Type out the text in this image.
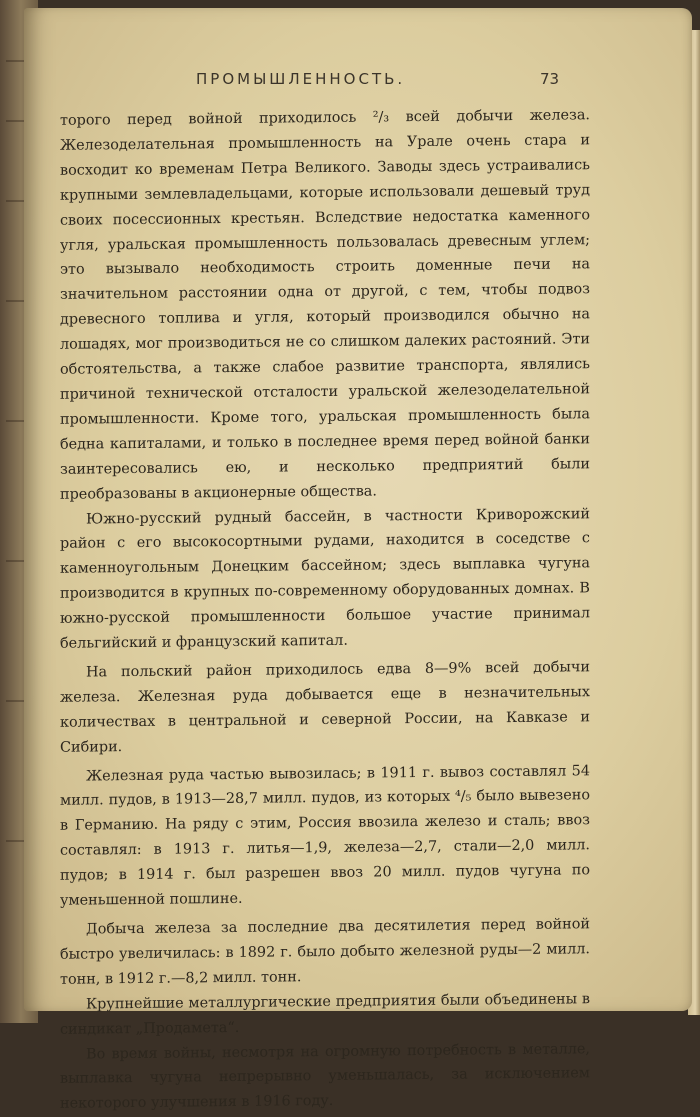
ПРОМЫШЛЕННОСТЬ.	73

торого перед войной приходилось ²/₃ всей добычи железа. Железоделательная промышленность на Урале очень стара и восходит ко временам Петра Великого. Заводы здесь устраивались крупными землевладельцами, которые использовали дешевый труд своих посессионных крестьян. Вследствие недостатка каменного угля, уральская промышленность пользовалась древесным углем; это вызывало необходимость строить доменные печи на значительном расстоянии одна от другой, с тем, чтобы подвоз древесного топлива и угля, который производился обычно на лошадях, мог производиться не со слишком далеких растояний. Эти обстоятельства, а также слабое развитие транспорта, являлись причиной технической отсталости уральской железоделательной промышленности. Кроме того, уральская промышленность была бедна капиталами, и только в последнее время перед войной банки заинтересовались ею, и несколько предприятий были преобразованы в акционерные общества.

Южно-русский рудный бассейн, в частности Криворожский район с его высокосортными рудами, находится в соседстве с каменноугольным Донецким бассейном; здесь выплавка чугуна производится в крупных по-современному оборудованных домнах. В южно-русской промышленности большое участие принимал бельгийский и французский капитал.

На польский район приходилось едва 8—9% всей добычи железа. Железная руда добывается еще в незначительных количествах в центральной и северной России, на Кавказе и Сибири.

Железная руда частью вывозилась; в 1911 г. вывоз составлял 54 милл. пудов, в 1913—28,7 милл. пудов, из которых ⁴/₅ было вывезено в Германию. На ряду с этим, Россия ввозила железо и сталь; ввоз составлял: в 1913 г. литья—1,9, железа—2,7, стали—2,0 милл. пудов; в 1914 г. был разрешен ввоз 20 милл. пудов чугуна по уменьшенной пошлине.

Добыча железа за последние два десятилетия перед войной быстро увеличилась: в 1892 г. было добыто железной руды—2 милл. тонн, в 1912 г.—8,2 милл. тонн.

Крупнейшие металлургические предприятия были объединены в синдикат „Продамета“.

Во время войны, несмотря на огромную потребность в металле, выплавка чугуна непрерывно уменьшалась, за исключением некоторого улучшения в 1916 году.
